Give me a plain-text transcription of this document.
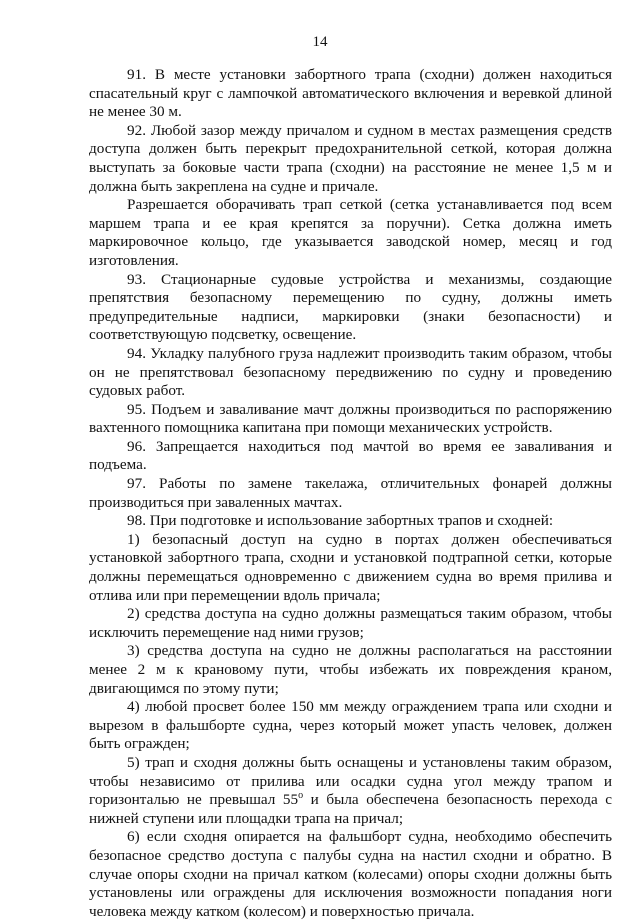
14

91. В месте установки забортного трапа (сходни) должен находиться спасательный круг с лампочкой автоматического включения и веревкой длиной не менее 30 м.

92. Любой зазор между причалом и судном в местах размещения средств доступа должен быть перекрыт предохранительной сеткой, которая должна выступать за боковые части трапа (сходни) на расстояние не менее 1,5 м и должна быть закреплена на судне и причале.

Разрешается оборачивать трап сеткой (сетка устанавливается под всем маршем трапа и ее края крепятся за поручни). Сетка должна иметь маркировочное кольцо, где указывается заводской номер, месяц и год изготовления.

93. Стационарные судовые устройства и механизмы, создающие препятствия безопасному перемещению по судну, должны иметь предупредительные надписи, маркировки (знаки безопасности) и соответствующую подсветку, освещение.

94. Укладку палубного груза надлежит производить таким образом, чтобы он не препятствовал безопасному передвижению по судну и проведению судовых работ.

95. Подъем и заваливание мачт должны производиться по распоряжению вахтенного помощника капитана при помощи механических устройств.

96. Запрещается находиться под мачтой во время ее заваливания и подъема.

97. Работы по замене такелажа, отличительных фонарей должны производиться при заваленных мачтах.

98. При подготовке и использование забортных трапов и сходней:

1) безопасный доступ на судно в портах должен обеспечиваться установкой забортного трапа, сходни и установкой подтрапной сетки, которые должны перемещаться одновременно с движением судна во время прилива и отлива или при перемещении вдоль причала;

2) средства доступа на судно должны размещаться таким образом, чтобы исключить перемещение над ними грузов;

3) средства доступа на судно не должны располагаться на расстоянии менее 2 м к крановому пути, чтобы избежать их повреждения краном, двигающимся по этому пути;

4) любой просвет более 150 мм между ограждением трапа или сходни и вырезом в фальшборте судна, через который может упасть человек, должен быть огражден;

5) трап и сходня должны быть оснащены и установлены таким образом, чтобы независимо от прилива или осадки судна угол между трапом и горизонталью не превышал 55$^o$ и была обеспечена безопасность перехода с нижней ступени или площадки трапа на причал;

6) если сходня опирается на фальшборт судна, необходимо обеспечить безопасное средство доступа с палубы судна на настил сходни и обратно. В случае опоры сходни на причал катком (колесами) опоры сходни должны быть установлены или ограждены для исключения возможности попадания ноги человека между катком (колесом) и поверхностью причала.
